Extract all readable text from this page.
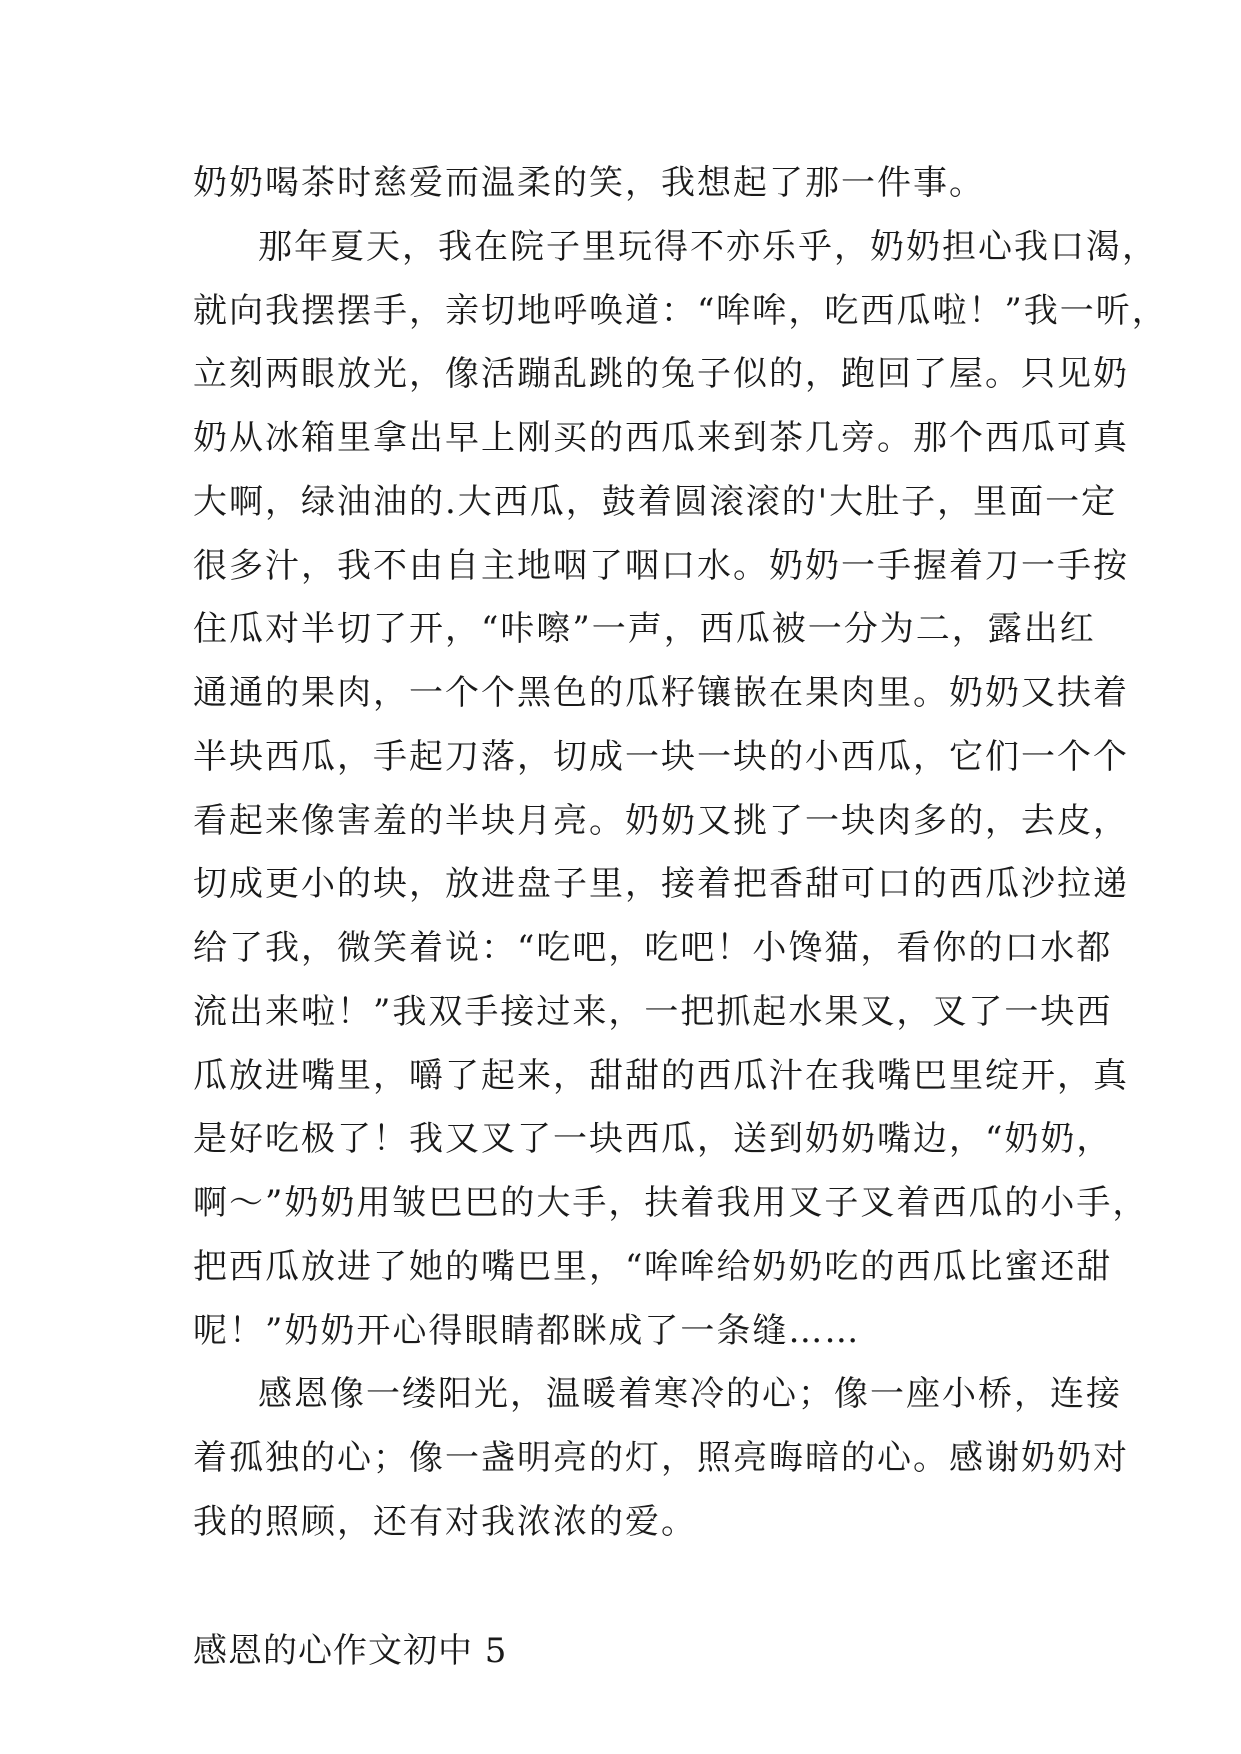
奶奶喝茶时慈爱而温柔的笑，我想起了那一件事。
那年夏天，我在院子里玩得不亦乐乎，奶奶担心我口渴，
就向我摆摆手，亲切地呼唤道：“哞哞，吃西瓜啦！”我一听，
立刻两眼放光，像活蹦乱跳的兔子似的，跑回了屋。只见奶
奶从冰箱里拿出早上刚买的西瓜来到茶几旁。那个西瓜可真
大啊，绿油油的.大西瓜，鼓着圆滚滚的'大肚子，里面一定
很多汁，我不由自主地咽了咽口水。奶奶一手握着刀一手按
住瓜对半切了开，“咔嚓”一声，西瓜被一分为二，露出红
通通的果肉，一个个黑色的瓜籽镶嵌在果肉里。奶奶又扶着
半块西瓜，手起刀落，切成一块一块的小西瓜，它们一个个
看起来像害羞的半块月亮。奶奶又挑了一块肉多的，去皮，
切成更小的块，放进盘子里，接着把香甜可口的西瓜沙拉递
给了我，微笑着说：“吃吧，吃吧！小馋猫，看你的口水都
流出来啦！”我双手接过来，一把抓起水果叉，叉了一块西
瓜放进嘴里，嚼了起来，甜甜的西瓜汁在我嘴巴里绽开，真
是好吃极了！我又叉了一块西瓜，送到奶奶嘴边，“奶奶，
啊～”奶奶用皱巴巴的大手，扶着我用叉子叉着西瓜的小手，
把西瓜放进了她的嘴巴里，“哞哞给奶奶吃的西瓜比蜜还甜
呢！”奶奶开心得眼睛都眯成了一条缝……
感恩像一缕阳光，温暖着寒冷的心；像一座小桥，连接
着孤独的心；像一盏明亮的灯，照亮晦暗的心。感谢奶奶对
我的照顾，还有对我浓浓的爱。
感恩的心作文初中 5
